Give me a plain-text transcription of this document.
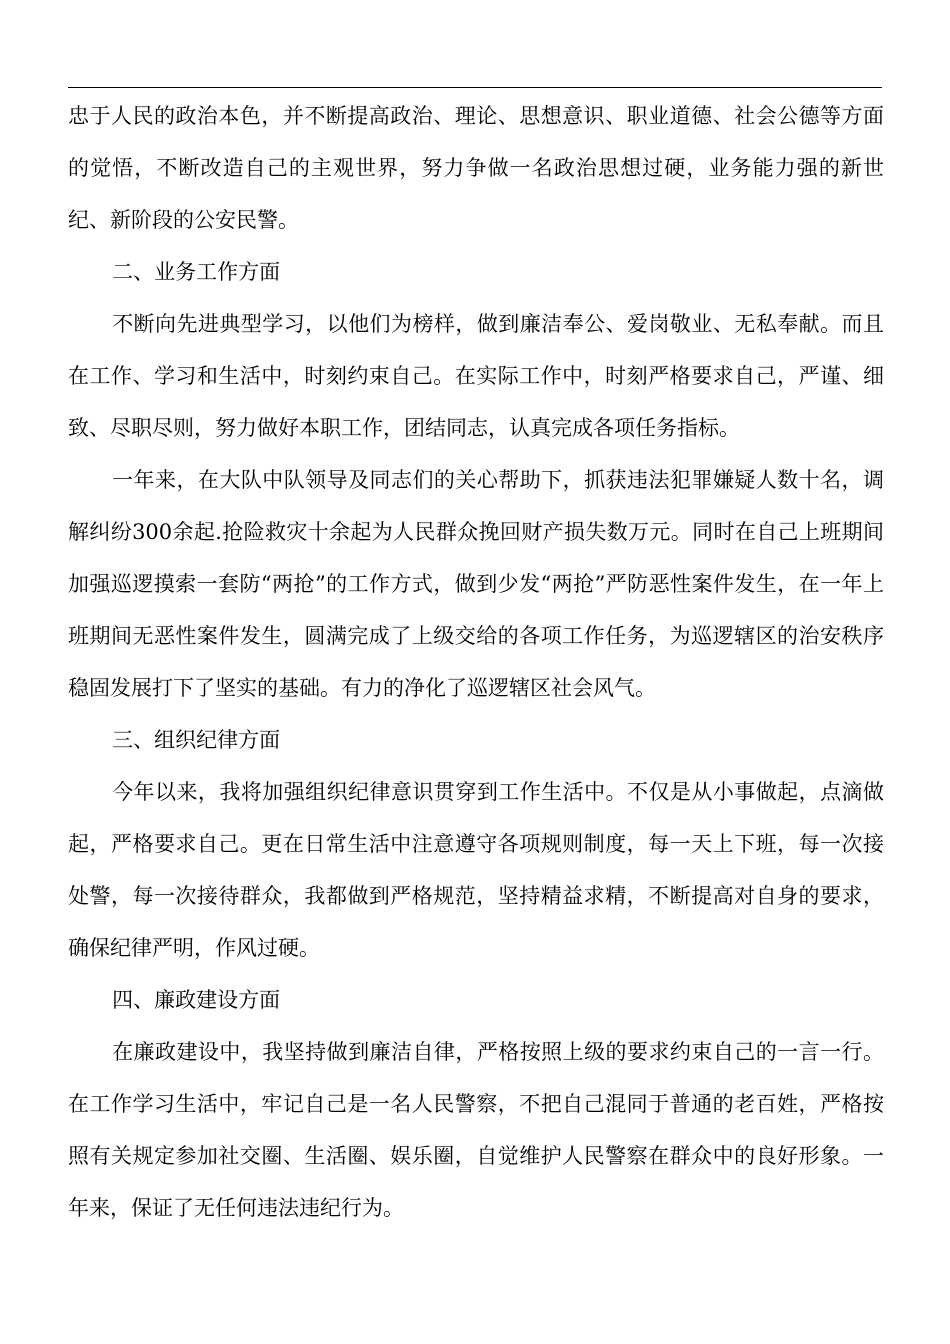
忠于人民的政治本色，并不断提高政治、理论、思想意识、职业道德、社会公德等方面的觉悟，不断改造自己的主观世界，努力争做一名政治思想过硬，业务能力强的新世纪、新阶段的公安民警。

二、业务工作方面

不断向先进典型学习，以他们为榜样，做到廉洁奉公、爱岗敬业、无私奉献。而且在工作、学习和生活中，时刻约束自己。在实际工作中，时刻严格要求自己，严谨、细致、尽职尽则，努力做好本职工作，团结同志，认真完成各项任务指标。

一年来，在大队中队领导及同志们的关心帮助下，抓获违法犯罪嫌疑人数十名，调解纠纷300余起.抢险救灾十余起为人民群众挽回财产损失数万元。同时在自己上班期间加强巡逻摸索一套防“两抢”的工作方式，做到少发“两抢”严防恶性案件发生，在一年上班期间无恶性案件发生，圆满完成了上级交给的各项工作任务，为巡逻辖区的治安秩序稳固发展打下了坚实的基础。有力的净化了巡逻辖区社会风气。

三、组织纪律方面

今年以来，我将加强组织纪律意识贯穿到工作生活中。不仅是从小事做起，点滴做起，严格要求自己。更在日常生活中注意遵守各项规则制度，每一天上下班，每一次接处警，每一次接待群众，我都做到严格规范，坚持精益求精，不断提高对自身的要求，确保纪律严明，作风过硬。

四、廉政建设方面

在廉政建设中，我坚持做到廉洁自律，严格按照上级的要求约束自己的一言一行。在工作学习生活中，牢记自己是一名人民警察，不把自己混同于普通的老百姓，严格按照有关规定参加社交圈、生活圈、娱乐圈，自觉维护人民警察在群众中的良好形象。一年来，保证了无任何违法违纪行为。
